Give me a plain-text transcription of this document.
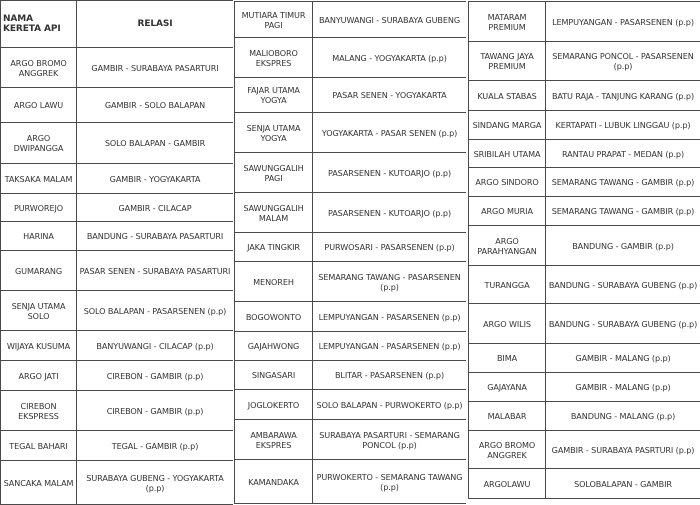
NAMA KERETA API	RELASI
ARGO BROMO ANGGREK	GAMBIR - SURABAYA PASARTURI
ARGO LAWU	GAMBIR - SOLO BALAPAN
ARGO DWIPANGGA	SOLO BALAPAN - GAMBIR
TAKSAKA MALAM	GAMBIR - YOGYAKARTA
PURWOREJO	GAMBIR - CILACAP
HARINA	BANDUNG - SURABAYA PASARTURI
GUMARANG	PASAR SENEN - SURABAYA PASARTURI
SENJA UTAMA SOLO	SOLO BALAPAN - PASARSENEN (p.p)
WIJAYA KUSUMA	BANYUWANGI - CILACAP (p.p)
ARGO JATI	CIREBON - GAMBIR (p.p)
CIREBON EKSPRESS	CIREBON - GAMBIR (p.p)
TEGAL BAHARI	TEGAL - GAMBIR (p.p)
SANCAKA MALAM	SURABAYA GUBENG - YOGYAKARTA (p.p)
MUTIARA TIMUR PAGI	BANYUWANGI - SURABAYA GUBENG
MALIOBORO EKSPRES	MALANG - YOGYAKARTA (p.p)
FAJAR UTAMA YOGYA	PASAR SENEN - YOGYAKARTA
SENJA UTAMA YOGYA	YOGYAKARTA - PASAR SENEN (p.p)
SAWUNGGALIH PAGI	PASARSENEN - KUTOARJO (p.p)
SAWUNGGALIH MALAM	PASARSENEN - KUTOARJO (p.p)
JAKA TINGKIR	PURWOSARI - PASARSENEN (p.p)
MENOREH	SEMARANG TAWANG - PASARSENEN (p.p)
BOGOWONTO	LEMPUYANGAN - PASARSENEN (p.p)
GAJAHWONG	LEMPUYANGAN - PASARSENEN (p.p)
SINGASARI	BLITAR - PASARSENEN (p.p)
JOGLOKERTO	SOLO BALAPAN - PURWOKERTO (p.p)
AMBARAWA EKSPRES	SURABAYA PASARTURI - SEMARANG PONCOL (p.p)
KAMANDAKA	PURWOKERTO - SEMARANG TAWANG (p.p)
MATARAM PREMIUM	LEMPUYANGAN - PASARSENEN (p.p)
TAWANG JAYA PREMIUM	SEMARANG PONCOL - PASARSENEN (p.p)
KUALA STABAS	BATU RAJA - TANJUNG KARANG (p.p)
SINDANG MARGA	KERTAPATI - LUBUK LINGGAU (p.p)
SRIBILAH UTAMA	RANTAU PRAPAT - MEDAN (p.p)
ARGO SINDORO	SEMARANG TAWANG - GAMBIR (p.p)
ARGO MURIA	SEMARANG TAWANG - GAMBIR (p.p)
ARGO PARAHYANGAN	BANDUNG - GAMBIR (p.p)
TURANGGA	BANDUNG - SURABAYA GUBENG (p.p)
ARGO WILIS	BANDUNG - SURABAYA GUBENG (p.p)
BIMA	GAMBIR - MALANG (p.p)
GAJAYANA	GAMBIR - MALANG (p.p)
MALABAR	BANDUNG - MALANG (p.p)
ARGO BROMO ANGGREK	GAMBIR - SURABAYA PASRTURI (p.p)
ARGOLAWU	SOLOBALAPAN - GAMBIR
